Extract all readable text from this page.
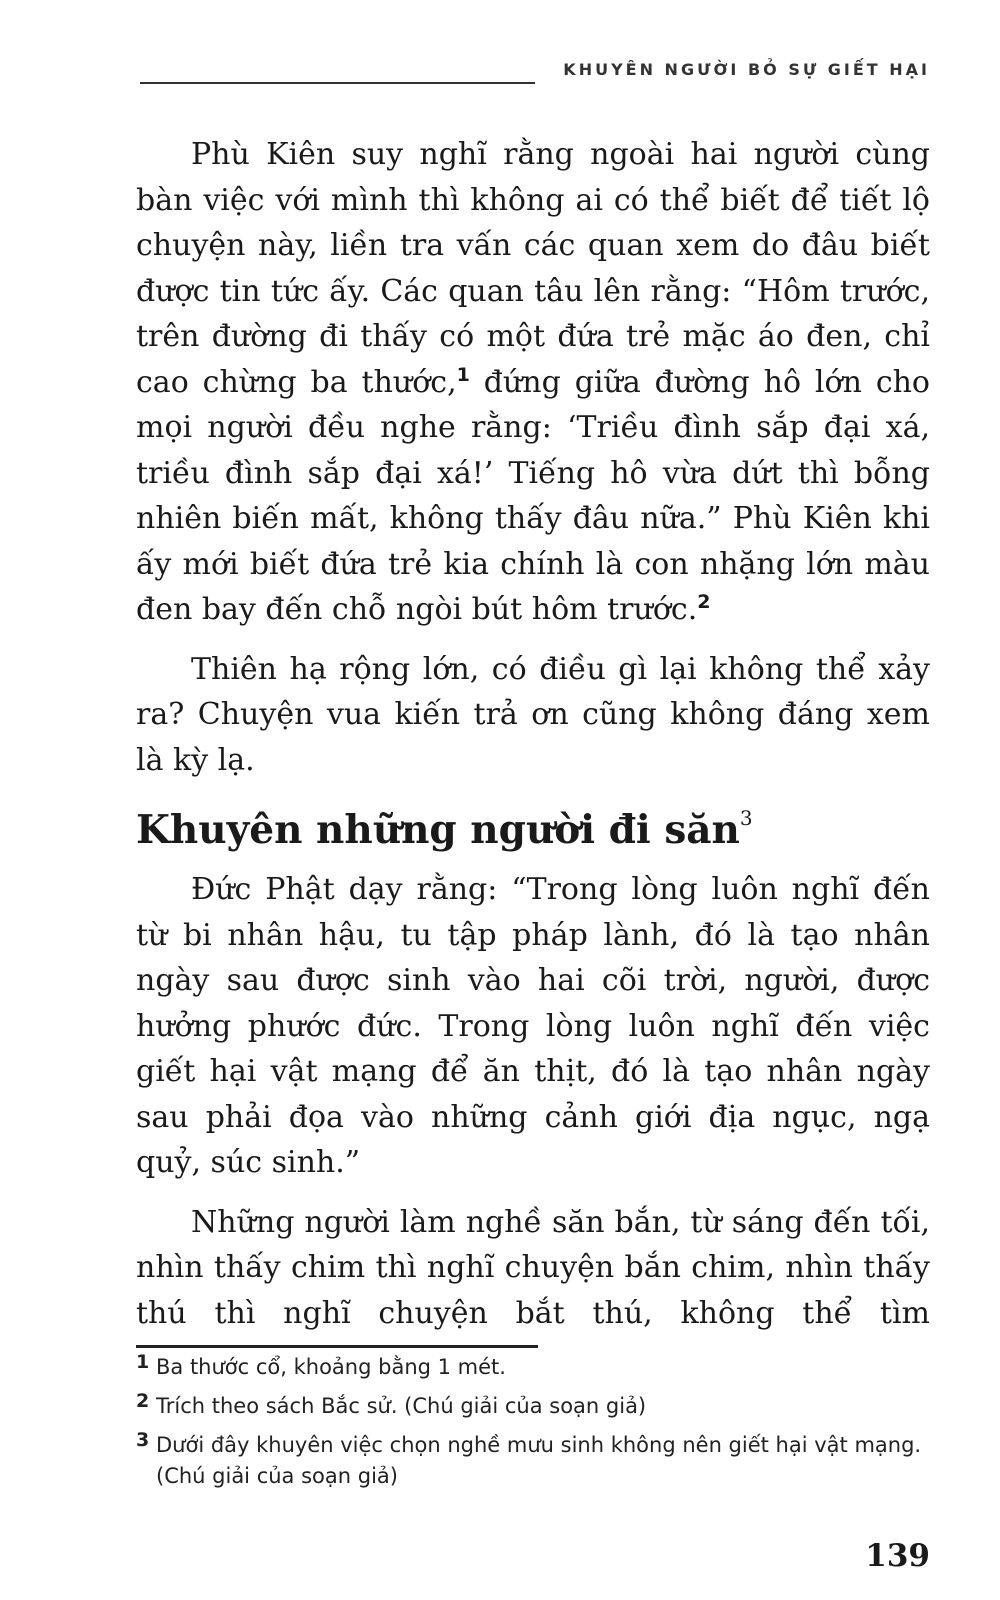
KHUYÊN NGƯỜI BỎ SỰ GIẾT HẠI

Phù Kiên suy nghĩ rằng ngoài hai người cùng bàn việc với mình thì không ai có thể biết để tiết lộ chuyện này, liền tra vấn các quan xem do đâu biết được tin tức ấy. Các quan tâu lên rằng: “Hôm trước, trên đường đi thấy có một đứa trẻ mặc áo đen, chỉ cao chừng ba thước,$^1$ đứng giữa đường hô lớn cho mọi người đều nghe rằng: ‘Triều đình sắp đại xá, triều đình sắp đại xá!’ Tiếng hô vừa dứt thì bỗng nhiên biến mất, không thấy đâu nữa.” Phù Kiên khi ấy mới biết đứa trẻ kia chính là con nhặng lớn màu đen bay đến chỗ ngòi bút hôm trước.$^2$

Thiên hạ rộng lớn, có điều gì lại không thể xảy ra? Chuyện vua kiến trả ơn cũng không đáng xem là kỳ lạ.

Khuyên những người đi săn$^3$

Đức Phật dạy rằng: “Trong lòng luôn nghĩ đến từ bi nhân hậu, tu tập pháp lành, đó là tạo nhân ngày sau được sinh vào hai cõi trời, người, được hưởng phước đức. Trong lòng luôn nghĩ đến việc giết hại vật mạng để ăn thịt, đó là tạo nhân ngày sau phải đọa vào những cảnh giới địa ngục, ngạ quỷ, súc sinh.”

Những người làm nghề săn bắn, từ sáng đến tối, nhìn thấy chim thì nghĩ chuyện bắn chim, nhìn thấy thú thì nghĩ chuyện bắt thú, không thể tìm

1 Ba thước cổ, khoảng bằng 1 mét.
2 Trích theo sách Bắc sử. (Chú giải của soạn giả)
3 Dưới đây khuyên việc chọn nghề mưu sinh không nên giết hại vật mạng. (Chú giải của soạn giả)
139
